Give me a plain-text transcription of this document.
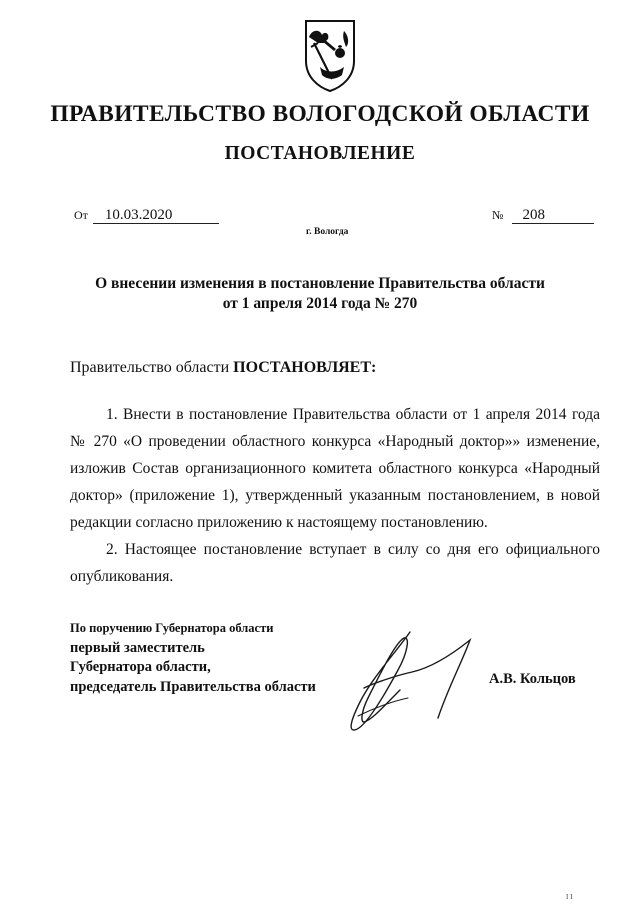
ПРАВИТЕЛЬСТВО ВОЛОГОДСКОЙ ОБЛАСТИ
ПОСТАНОВЛЕНИЕ
От 10.03.2020	№ 208
г. Вологда
О внесении изменения в постановление Правительства области
от 1 апреля 2014 года № 270
Правительство области ПОСТАНОВЛЯЕТ:

1. Внести в постановление Правительства области от 1 апреля 2014 года № 270 «О проведении областного конкурса «Народный доктор»» изменение, изложив Состав организационного комитета областного конкурса «Народный доктор» (приложение 1), утвержденный указанным постановлением, в новой редакции согласно приложению к настоящему постановлению.

2. Настоящее постановление вступает в силу со дня его официального опубликования.

По поручению Губернатора области
первый заместитель
Губернатора области,
председатель Правительства области	А.В. Кольцов
I I
